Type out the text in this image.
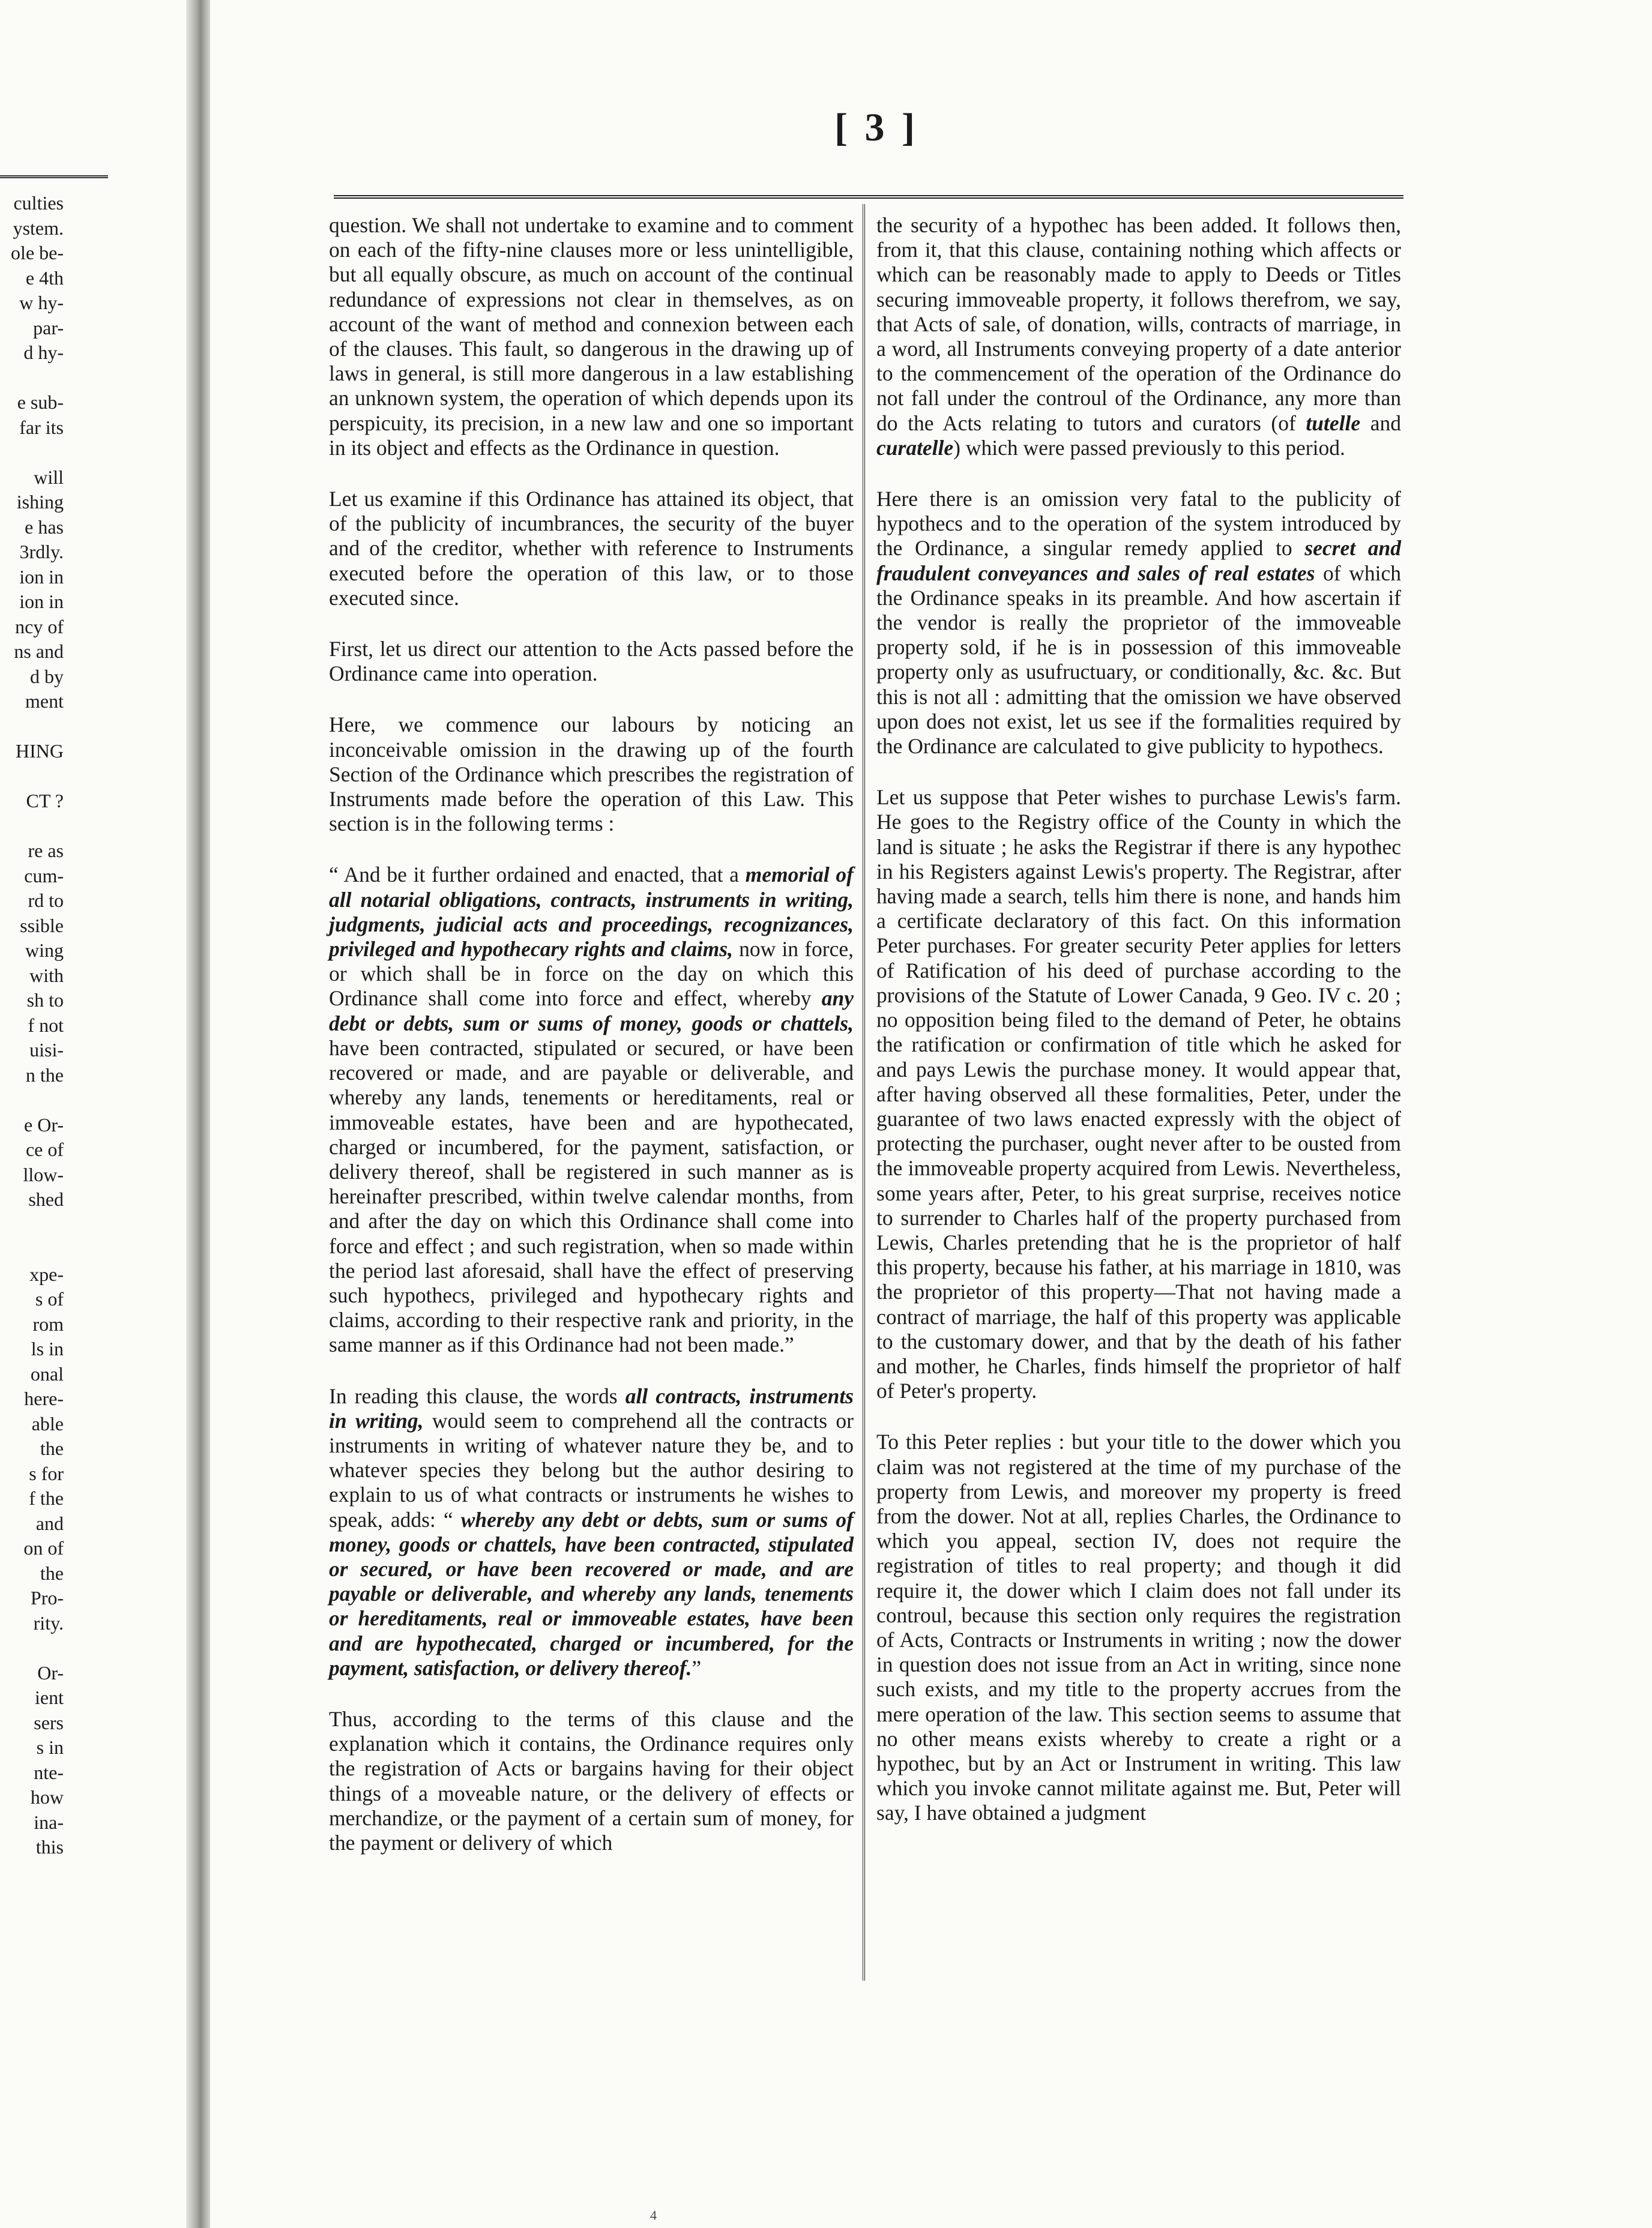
culties
ystem.
ole be-
e 4th
w hy-
par-
d hy-

e sub-
far its

will
ishing
e has
3rdly.
ion in
ion in
ncy of
ns and
d by
ment

HING

CT ?

re as
cum-
rd to
ssible
wing
with
sh to
f not
uisi-
n the

e Or-
ce of
llow-
shed

xpe-
s of
rom
ls in
onal
here-
able
the
s for
f the
and
on of
the
Pro-
rity.

Or-
ient
sers
s in
nte-
how
ina-
this
[ 3 ]

question. We shall not undertake to examine and to comment on each of the fifty-nine clauses more or less unintelligible, but all equally obscure, as much on account of the continual redundance of expressions not clear in themselves, as on account of the want of method and connexion between each of the clauses. This fault, so dangerous in the drawing up of laws in general, is still more dangerous in a law establishing an unknown system, the operation of which depends upon its perspicuity, its precision, in a new law and one so important in its object and effects as the Ordinance in question.

Let us examine if this Ordinance has attained its object, that of the publicity of incumbrances, the security of the buyer and of the creditor, whether with reference to Instruments executed before the operation of this law, or to those executed since.

First, let us direct our attention to the Acts passed before the Ordinance came into operation.

Here, we commence our labours by noticing an inconceivable omission in the drawing up of the fourth Section of the Ordinance which prescribes the registration of Instruments made before the operation of this Law. This section is in the following terms :

“ And be it further ordained and enacted, that a memorial of all notarial obligations, contracts, instruments in writing, judgments, judicial acts and proceedings, recognizances, privileged and hypothecary rights and claims, now in force, or which shall be in force on the day on which this Ordinance shall come into force and effect, whereby any debt or debts, sum or sums of money, goods or chattels, have been contracted, stipulated or secured, or have been recovered or made, and are payable or deliverable, and whereby any lands, tenements or hereditaments, real or immoveable estates, have been and are hypothecated, charged or incumbered, for the payment, satisfaction, or delivery thereof, shall be registered in such manner as is hereinafter prescribed, within twelve calendar months, from and after the day on which this Ordinance shall come into force and effect ; and such registration, when so made within the period last aforesaid, shall have the effect of preserving such hypothecs, privileged and hypothecary rights and claims, according to their respective rank and priority, in the same manner as if this Ordinance had not been made.”

In reading this clause, the words all contracts, instruments in writing, would seem to comprehend all the contracts or instruments in writing of whatever nature they be, and to whatever species they belong but the author desiring to explain to us of what contracts or instruments he wishes to speak, adds: “ whereby any debt or debts, sum or sums of money, goods or chattels, have been contracted, stipulated or secured, or have been recovered or made, and are payable or deliverable, and whereby any lands, tenements or hereditaments, real or immoveable estates, have been and are hypothecated, charged or incumbered, for the payment, satisfaction, or delivery thereof.”

Thus, according to the terms of this clause and the explanation which it contains, the Ordinance requires only the registration of Acts or bargains having for their object things of a moveable nature, or the delivery of effects or merchandize, or the payment of a certain sum of money, for the payment or delivery of which

the security of a hypothec has been added. It follows then, from it, that this clause, containing nothing which affects or which can be reasonably made to apply to Deeds or Titles securing immoveable property, it follows therefrom, we say, that Acts of sale, of donation, wills, contracts of marriage, in a word, all Instruments conveying property of a date anterior to the commencement of the operation of the Ordinance do not fall under the controul of the Ordinance, any more than do the Acts relating to tutors and curators (of tutelle and curatelle) which were passed previously to this period.

Here there is an omission very fatal to the publicity of hypothecs and to the operation of the system introduced by the Ordinance, a singular remedy applied to secret and fraudulent conveyances and sales of real estates of which the Ordinance speaks in its preamble. And how ascertain if the vendor is really the proprietor of the immoveable property sold, if he is in possession of this immoveable property only as usufructuary, or conditionally, &c. &c. But this is not all : admitting that the omission we have observed upon does not exist, let us see if the formalities required by the Ordinance are calculated to give publicity to hypothecs.

Let us suppose that Peter wishes to purchase Lewis's farm. He goes to the Registry office of the County in which the land is situate ; he asks the Registrar if there is any hypothec in his Registers against Lewis's property. The Registrar, after having made a search, tells him there is none, and hands him a certificate declaratory of this fact. On this information Peter purchases. For greater security Peter applies for letters of Ratification of his deed of purchase according to the provisions of the Statute of Lower Canada, 9 Geo. IV c. 20 ; no opposition being filed to the demand of Peter, he obtains the ratification or confirmation of title which he asked for and pays Lewis the purchase money. It would appear that, after having observed all these formalities, Peter, under the guarantee of two laws enacted expressly with the object of protecting the purchaser, ought never after to be ousted from the immoveable property acquired from Lewis. Nevertheless, some years after, Peter, to his great surprise, receives notice to surrender to Charles half of the property purchased from Lewis, Charles pretending that he is the proprietor of half this property, because his father, at his marriage in 1810, was the proprietor of this property—That not having made a contract of marriage, the half of this property was applicable to the customary dower, and that by the death of his father and mother, he Charles, finds himself the proprietor of half of Peter's property.

To this Peter replies : but your title to the dower which you claim was not registered at the time of my purchase of the property from Lewis, and moreover my property is freed from the dower. Not at all, replies Charles, the Ordinance to which you appeal, section IV, does not require the registration of titles to real property; and though it did require it, the dower which I claim does not fall under its controul, because this section only requires the registration of Acts, Contracts or Instruments in writing ; now the dower in question does not issue from an Act in writing, since none such exists, and my title to the property accrues from the mere operation of the law. This section seems to assume that no other means exists whereby to create a right or a hypothec, but by an Act or Instrument in writing. This law which you invoke cannot militate against me. But, Peter will say, I have obtained a judgment

4
